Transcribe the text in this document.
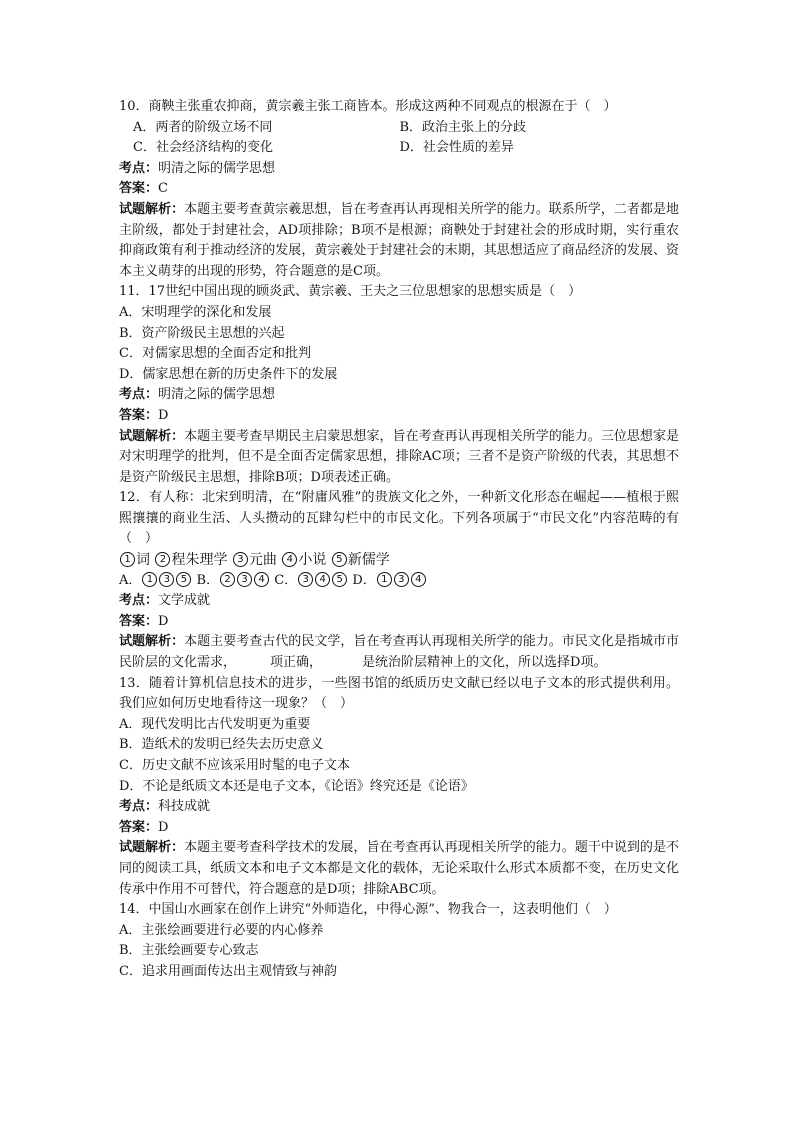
10．商鞅主张重农抑商，黄宗羲主张工商皆本。形成这两种不同观点的根源在于（　）
A．两者的阶级立场不同	B．政治主张上的分歧
C．社会经济结构的变化	D．社会性质的差异
考点：明清之际的儒学思想
答案：C
试题解析：本题主要考查黄宗羲思想，旨在考查再认再现相关所学的能力。联系所学，二者都是地主阶级，都处于封建社会，AD项排除；B项不是根源；商鞅处于封建社会的形成时期，实行重农抑商政策有利于推动经济的发展，黄宗羲处于封建社会的末期，其思想适应了商品经济的发展、资本主义萌芽的出现的形势，符合题意的是C项。
11．17世纪中国出现的顾炎武、黄宗羲、王夫之三位思想家的思想实质是（　）
A．宋明理学的深化和发展
B．资产阶级民主思想的兴起
C．对儒家思想的全面否定和批判
D．儒家思想在新的历史条件下的发展
考点：明清之际的儒学思想
答案：D
试题解析：本题主要考查早期民主启蒙思想家，旨在考查再认再现相关所学的能力。三位思想家是对宋明理学的批判，但不是全面否定儒家思想，排除AC项；三者不是资产阶级的代表，其思想不是资产阶级民主思想，排除B项；D项表述正确。
12．有人称：北宋到明清，在“附庸风雅”的贵族文化之外，一种新文化形态在崛起——植根于熙熙攘攘的商业生活、人头攒动的瓦肆勾栏中的市民文化。下列各项属于“市民文化”内容范畴的有（　）
1 词 2 程朱理学 3 元曲 4 小说 5 新儒学
A． 1 3 5 B． 2 3 4 C． 3 4 5 D． 1 3 4
考点：文学成就
答案：D
试题解析：本题主要考查古代的民文学，旨在考查再认再现相关所学的能力。市民文化是指城市市民阶层的文化需求，	项正确，	是统治阶层精神上的文化，所以选择D项。
13．随着计算机信息技术的进步，一些图书馆的纸质历史文献已经以电子文本的形式提供利用。我们应如何历史地看待这一现象？（　）
A．现代发明比古代发明更为重要
B．造纸术的发明已经失去历史意义
C．历史文献不应该采用时髦的电子文本
D．不论是纸质文本还是电子文本，《论语》终究还是《论语》
考点：科技成就
答案：D
试题解析：本题主要考查科学技术的发展，旨在考查再认再现相关所学的能力。题干中说到的是不同的阅读工具，纸质文本和电子文本都是文化的载体，无论采取什么形式本质都不变，在历史文化传承中作用不可替代，符合题意的是D项；排除ABC项。
14．中国山水画家在创作上讲究“外师造化，中得心源”、物我合一，这表明他们（　）
A．主张绘画要进行必要的内心修养
B．主张绘画要专心致志
C．追求用画面传达出主观情致与神韵
